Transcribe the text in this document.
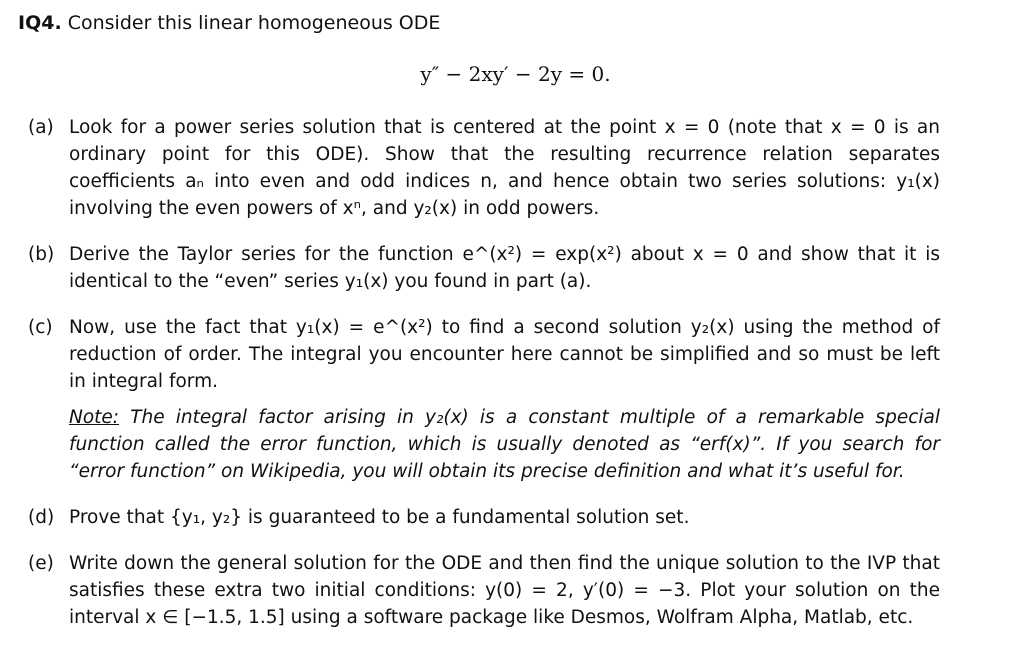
IQ4. Consider this linear homogeneous ODE
y″ − 2xy′ − 2y = 0.
(a) Look for a power series solution that is centered at the point x = 0 (note that x = 0 is an ordinary point for this ODE). Show that the resulting recurrence relation separates coefficients aₙ into even and odd indices n, and hence obtain two series solutions: y₁(x) involving the even powers of xⁿ, and y₂(x) in odd powers.
(b) Derive the Taylor series for the function e^(x²) = exp(x²) about x = 0 and show that it is identical to the “even” series y₁(x) you found in part (a).
(c) Now, use the fact that y₁(x) = e^(x²) to find a second solution y₂(x) using the method of reduction of order. The integral you encounter here cannot be simplified and so must be left in integral form.
Note: The integral factor arising in y₂(x) is a constant multiple of a remarkable special function called the error function, which is usually denoted as “erf(x)”. If you search for “error function” on Wikipedia, you will obtain its precise definition and what it’s useful for.
(d) Prove that {y₁, y₂} is guaranteed to be a fundamental solution set.
(e) Write down the general solution for the ODE and then find the unique solution to the IVP that satisfies these extra two initial conditions: y(0) = 2, y′(0) = −3. Plot your solution on the interval x ∈ [−1.5, 1.5] using a software package like Desmos, Wolfram Alpha, Matlab, etc.
